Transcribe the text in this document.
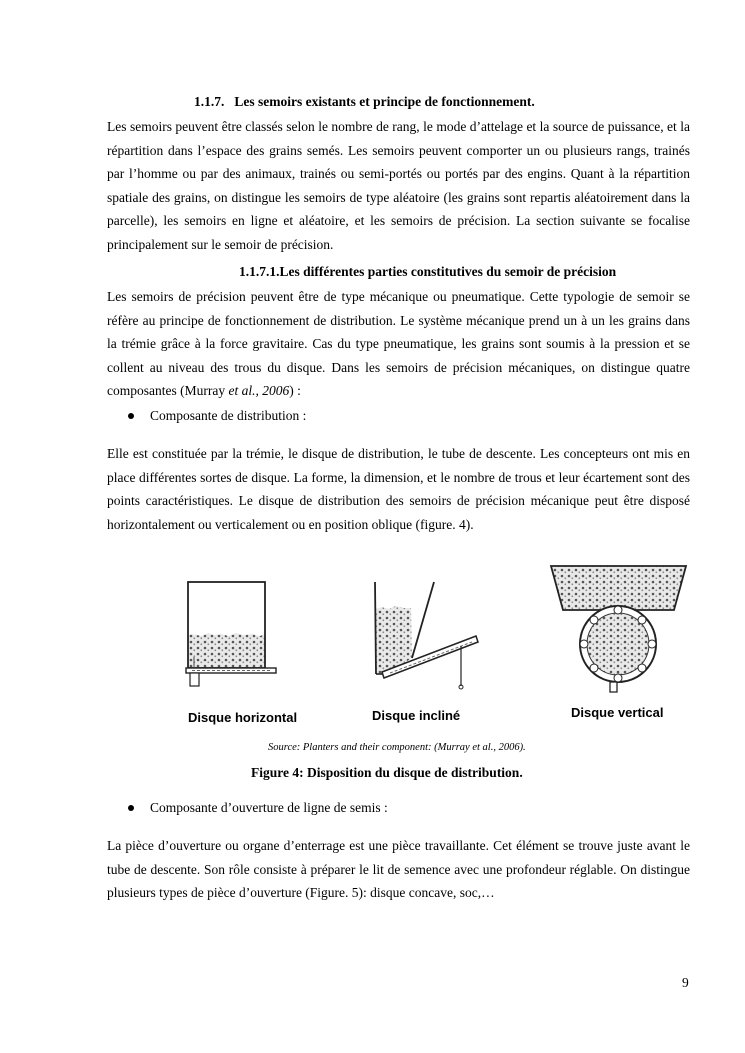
1.1.7. Les semoirs existants et principe de fonctionnement.

Les semoirs peuvent être classés selon le nombre de rang, le mode d’attelage et la source de puissance, et la répartition dans l’espace des grains semés. Les semoirs peuvent comporter un ou plusieurs rangs, trainés par l’homme ou par des animaux, trainés ou semi-portés ou portés par des engins. Quant à la répartition spatiale des grains, on distingue les semoirs de type aléatoire (les grains sont repartis aléatoirement dans la parcelle), les semoirs en ligne et aléatoire, et les semoirs de précision. La section suivante se focalise principalement sur le semoir de précision.

1.1.7.1.Les différentes parties constitutives du semoir de précision

Les semoirs de précision peuvent être de type mécanique ou pneumatique. Cette typologie de semoir se réfère au principe de fonctionnement de distribution. Le système mécanique prend un à un les grains dans la trémie grâce à la force gravitaire. Cas du type pneumatique, les grains sont soumis à la pression et se collent au niveau des trous du disque. Dans les semoirs de précision mécaniques, on distingue quatre composantes (Murray et al., 2006) :

Composante de distribution :

Elle est constituée par la trémie, le disque de distribution, le tube de descente. Les concepteurs ont mis en place différentes sortes de disque. La forme, la dimension, et le nombre de trous et leur écartement sont des points caractéristiques. Le disque de distribution des semoirs de précision mécanique peut être disposé horizontalement ou verticalement ou en position oblique (figure. 4).

Disque horizontal	Disque incliné	Disque vertical
Source: Planters and their component: (Murray et al., 2006).
Figure 4: Disposition du disque de distribution.
Composante d’ouverture de ligne de semis :

La pièce d’ouverture ou organe d’enterrage est une pièce travaillante. Cet élément se trouve juste avant le tube de descente. Son rôle consiste à préparer le lit de semence avec une profondeur réglable. On distingue plusieurs types de pièce d’ouverture (Figure. 5): disque concave, soc,…

9
